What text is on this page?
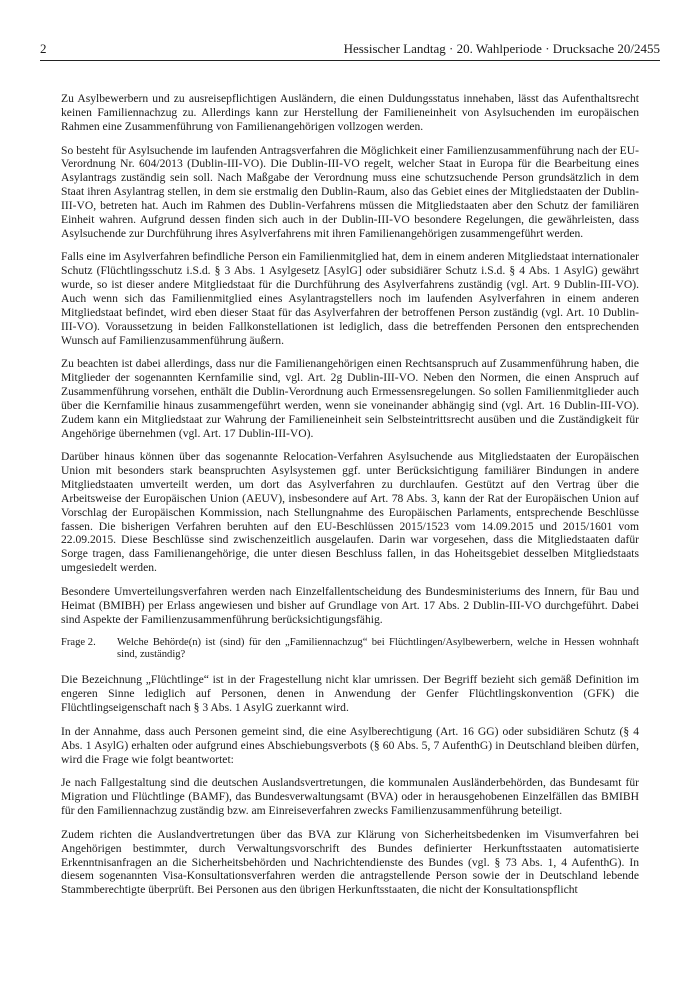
2	Hessischer Landtag · 20. Wahlperiode · Drucksache 20/2455

Zu Asylbewerbern und zu ausreisepflichtigen Ausländern, die einen Duldungsstatus innehaben, lässt das Aufenthaltsrecht keinen Familiennachzug zu. Allerdings kann zur Herstellung der Familieneinheit von Asylsuchenden im europäischen Rahmen eine Zusammenführung von Familienangehörigen vollzogen werden.

So besteht für Asylsuchende im laufenden Antragsverfahren die Möglichkeit einer Familienzusammenführung nach der EU-Verordnung Nr. 604/2013 (Dublin-III-VO). Die Dublin-III-VO regelt, welcher Staat in Europa für die Bearbeitung eines Asylantrags zuständig sein soll. Nach Maßgabe der Verordnung muss eine schutzsuchende Person grundsätzlich in dem Staat ihren Asylantrag stellen, in dem sie erstmalig den Dublin-Raum, also das Gebiet eines der Mitgliedstaaten der Dublin-III-VO, betreten hat. Auch im Rahmen des Dublin-Verfahrens müssen die Mitgliedstaaten aber den Schutz der familiären Einheit wahren. Aufgrund dessen finden sich auch in der Dublin-III-VO besondere Regelungen, die gewährleisten, dass Asylsuchende zur Durchführung ihres Asylverfahrens mit ihren Familienangehörigen zusammengeführt werden.

Falls eine im Asylverfahren befindliche Person ein Familienmitglied hat, dem in einem anderen Mitgliedstaat internationaler Schutz (Flüchtlingsschutz i.S.d. § 3 Abs. 1 Asylgesetz [AsylG] oder subsidiärer Schutz i.S.d. § 4 Abs. 1 AsylG) gewährt wurde, so ist dieser andere Mitgliedstaat für die Durchführung des Asylverfahrens zuständig (vgl. Art. 9 Dublin-III-VO). Auch wenn sich das Familienmitglied eines Asylantragstellers noch im laufenden Asylverfahren in einem anderen Mitgliedstaat befindet, wird eben dieser Staat für das Asylverfahren der betroffenen Person zuständig (vgl. Art. 10 Dublin-III-VO). Voraussetzung in beiden Fallkonstellationen ist lediglich, dass die betreffenden Personen den entsprechenden Wunsch auf Familienzusammenführung äußern.

Zu beachten ist dabei allerdings, dass nur die Familienangehörigen einen Rechtsanspruch auf Zusammenführung haben, die Mitglieder der sogenannten Kernfamilie sind, vgl. Art. 2g Dublin-III-VO. Neben den Normen, die einen Anspruch auf Zusammenführung vorsehen, enthält die Dublin-Verordnung auch Ermessensregelungen. So sollen Familienmitglieder auch über die Kernfamilie hinaus zusammengeführt werden, wenn sie voneinander abhängig sind (vgl. Art. 16 Dublin-III-VO). Zudem kann ein Mitgliedstaat zur Wahrung der Familieneinheit sein Selbsteintrittsrecht ausüben und die Zuständigkeit für Angehörige übernehmen (vgl. Art. 17 Dublin-III-VO).

Darüber hinaus können über das sogenannte Relocation-Verfahren Asylsuchende aus Mitgliedstaaten der Europäischen Union mit besonders stark beanspruchten Asylsystemen ggf. unter Berücksichtigung familiärer Bindungen in andere Mitgliedstaaten umverteilt werden, um dort das Asylverfahren zu durchlaufen. Gestützt auf den Vertrag über die Arbeitsweise der Europäischen Union (AEUV), insbesondere auf Art. 78 Abs. 3, kann der Rat der Europäischen Union auf Vorschlag der Europäischen Kommission, nach Stellungnahme des Europäischen Parlaments, entsprechende Beschlüsse fassen. Die bisherigen Verfahren beruhten auf den EU-Beschlüssen 2015/1523 vom 14.09.2015 und 2015/1601 vom 22.09.2015. Diese Beschlüsse sind zwischenzeitlich ausgelaufen. Darin war vorgesehen, dass die Mitgliedstaaten dafür Sorge tragen, dass Familienangehörige, die unter diesen Beschluss fallen, in das Hoheitsgebiet desselben Mitgliedstaats umgesiedelt werden.

Besondere Umverteilungsverfahren werden nach Einzelfallentscheidung des Bundesministeriums des Innern, für Bau und Heimat (BMIBH) per Erlass angewiesen und bisher auf Grundlage von Art. 17 Abs. 2 Dublin-III-VO durchgeführt. Dabei sind Aspekte der Familienzusammenführung berücksichtigungsfähig.

Frage 2.	Welche Behörde(n) ist (sind) für den „Familiennachzug“ bei Flüchtlingen/Asylbewerbern, welche in Hessen wohnhaft sind, zuständig?

Die Bezeichnung „Flüchtlinge“ ist in der Fragestellung nicht klar umrissen. Der Begriff bezieht sich gemäß Definition im engeren Sinne lediglich auf Personen, denen in Anwendung der Genfer Flüchtlingskonvention (GFK) die Flüchtlingseigenschaft nach § 3 Abs. 1 AsylG zuerkannt wird.

In der Annahme, dass auch Personen gemeint sind, die eine Asylberechtigung (Art. 16 GG) oder subsidiären Schutz (§ 4 Abs. 1 AsylG) erhalten oder aufgrund eines Abschiebungsverbots (§ 60 Abs. 5, 7 AufenthG) in Deutschland bleiben dürfen, wird die Frage wie folgt beantwortet:

Je nach Fallgestaltung sind die deutschen Auslandsvertretungen, die kommunalen Ausländerbehörden, das Bundesamt für Migration und Flüchtlinge (BAMF), das Bundesverwaltungsamt (BVA) oder in herausgehobenen Einzelfällen das BMIBH für den Familiennachzug zuständig bzw. am Einreiseverfahren zwecks Familienzusammenführung beteiligt.

Zudem richten die Auslandvertretungen über das BVA zur Klärung von Sicherheitsbedenken im Visumverfahren bei Angehörigen bestimmter, durch Verwaltungsvorschrift des Bundes definierter Herkunftsstaaten automatisierte Erkenntnisanfragen an die Sicherheitsbehörden und Nachrichtendienste des Bundes (vgl. § 73 Abs. 1, 4 AufenthG). In diesem sogenannten Visa-Konsultationsverfahren werden die antragstellende Person sowie der in Deutschland lebende Stammberechtigte überprüft. Bei Personen aus den übrigen Herkunftsstaaten, die nicht der Konsultationspflicht
